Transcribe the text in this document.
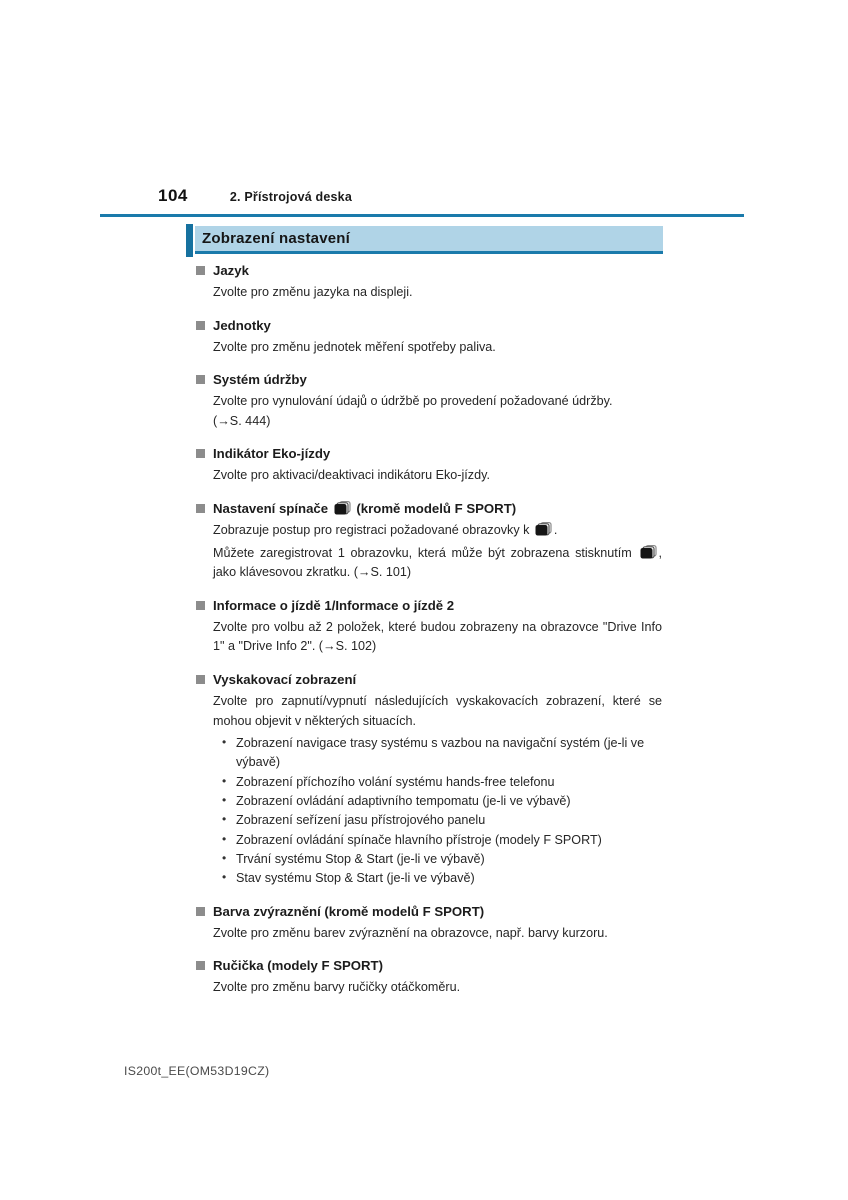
104	2. Přístrojová deska
Zobrazení nastavení
Jazyk

Zvolte pro změnu jazyka na displeji.

Jednotky

Zvolte pro změnu jednotek měření spotřeby paliva.

Systém údržby

Zvolte pro vynulování údajů o údržbě po provedení požadované údržby.
(→S. 444)

Indikátor Eko-jízdy

Zvolte pro aktivaci/deaktivaci indikátoru Eko-jízdy.

Nastavení spínače  (kromě modelů F SPORT)

Zobrazuje postup pro registraci požadované obrazovky k .

Můžete zaregistrovat 1 obrazovku, která může být zobrazena stisknutím , jako klávesovou zkratku. (→S. 101)

Informace o jízdě 1/Informace o jízdě 2

Zvolte pro volbu až 2 položek, které budou zobrazeny na obrazovce "Drive Info 1" a "Drive Info 2". (→S. 102)

Vyskakovací zobrazení

Zvolte pro zapnutí/vypnutí následujících vyskakovacích zobrazení, které se mohou objevit v některých situacích.

• Zobrazení navigace trasy systému s vazbou na navigační systém (je-li ve výbavě)
• Zobrazení příchozího volání systému hands-free telefonu
• Zobrazení ovládání adaptivního tempomatu (je-li ve výbavě)
• Zobrazení seřízení jasu přístrojového panelu
• Zobrazení ovládání spínače hlavního přístroje (modely F SPORT)
• Trvání systému Stop & Start (je-li ve výbavě)
• Stav systému Stop & Start (je-li ve výbavě)
Barva zvýraznění (kromě modelů F SPORT)

Zvolte pro změnu barev zvýraznění na obrazovce, např. barvy kurzoru.

Ručička (modely F SPORT)

Zvolte pro změnu barvy ručičky otáčkoměru.

IS200t_EE(OM53D19CZ)
